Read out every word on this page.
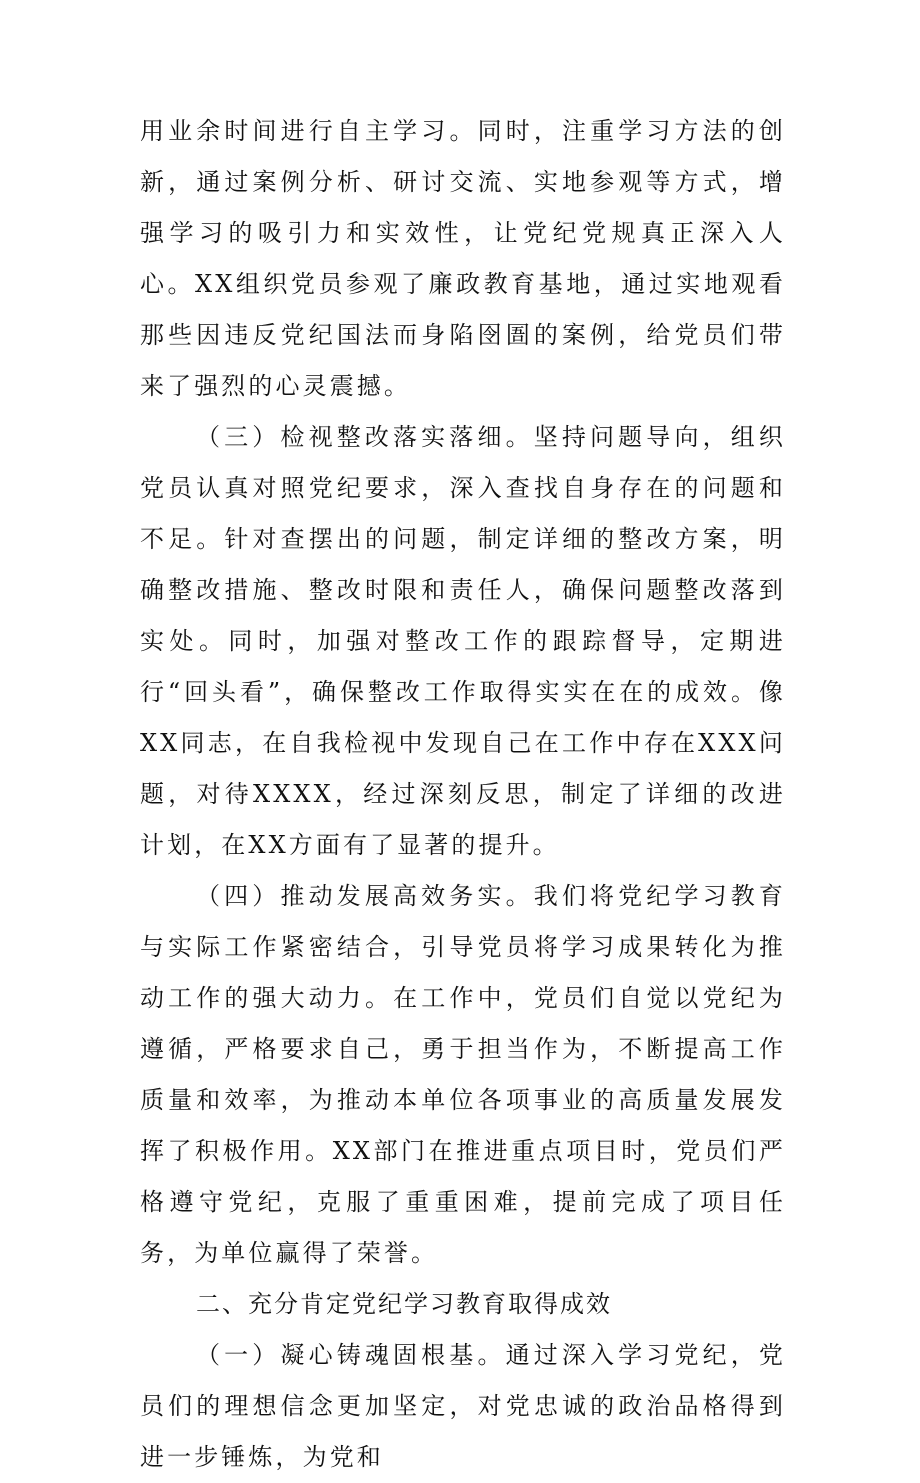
用业余时间进行自主学习。同时，注重学习方法的创新，通过案例分析、研讨交流、实地参观等方式，增强学习的吸引力和实效性，让党纪党规真正深入人心。XX组织党员参观了廉政教育基地，通过实地观看那些因违反党纪国法而身陷囹圄的案例，给党员们带来了强烈的心灵震撼。

（三）检视整改落实落细。坚持问题导向，组织党员认真对照党纪要求，深入查找自身存在的问题和不足。针对查摆出的问题，制定详细的整改方案，明确整改措施、整改时限和责任人，确保问题整改落到实处。同时，加强对整改工作的跟踪督导，定期进行“回头看”，确保整改工作取得实实在在的成效。像XX同志，在自我检视中发现自己在工作中存在XXX问题，对待XXXX，经过深刻反思，制定了详细的改进计划，在XX方面有了显著的提升。

（四）推动发展高效务实。我们将党纪学习教育与实际工作紧密结合，引导党员将学习成果转化为推动工作的强大动力。在工作中，党员们自觉以党纪为遵循，严格要求自己，勇于担当作为，不断提高工作质量和效率，为推动本单位各项事业的高质量发展发挥了积极作用。XX部门在推进重点项目时，党员们严格遵守党纪，克服了重重困难，提前完成了项目任务，为单位赢得了荣誉。

二、充分肯定党纪学习教育取得成效

（一）凝心铸魂固根基。通过深入学习党纪，党员们的理想信念更加坚定，对党忠诚的政治品格得到进一步锤炼，为党和
